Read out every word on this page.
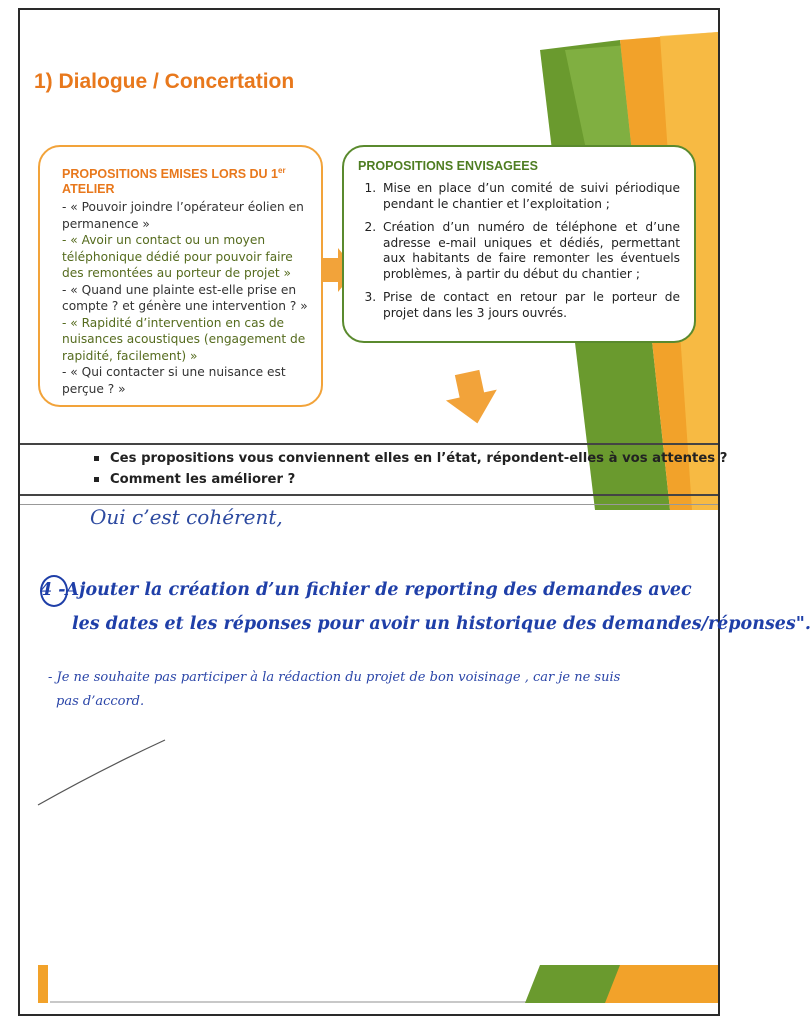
1) Dialogue / Concertation
PROPOSITIONS EMISES LORS DU 1er
ATELIER
- « Pouvoir joindre l’opérateur éolien en permanence »
- « Avoir un contact ou un moyen téléphonique dédié pour pouvoir faire des remontées au porteur de projet »
- « Quand une plainte est-elle prise en compte ? et génère une intervention ? »
- « Rapidité d’intervention en cas de nuisances acoustiques (engagement de rapidité, facilement) »
- « Qui contacter si une nuisance est perçue ? »
PROPOSITIONS ENVISAGEES
1. Mise en place d’un comité de suivi périodique pendant le chantier et l’exploitation ;
2. Création d’un numéro de téléphone et d’une adresse e-mail uniques et dédiés, permettant aux habitants de faire remonter les éventuels problèmes, à partir du début du chantier ;
3. Prise de contact en retour par le porteur de projet dans les 3 jours ouvrés.
Ces propositions vous conviennent elles en l’état, répondent-elles à vos attentes ?
Comment les améliorer ?
Oui c’est cohérent,
4 -Ajouter la création d’un fichier de reporting des demandes avec
les dates et les réponses pour avoir un historique des demandes/réponses".
- Je ne souhaite pas participer à la rédaction du projet de bon voisinage , car je ne suis
pas d’accord.
